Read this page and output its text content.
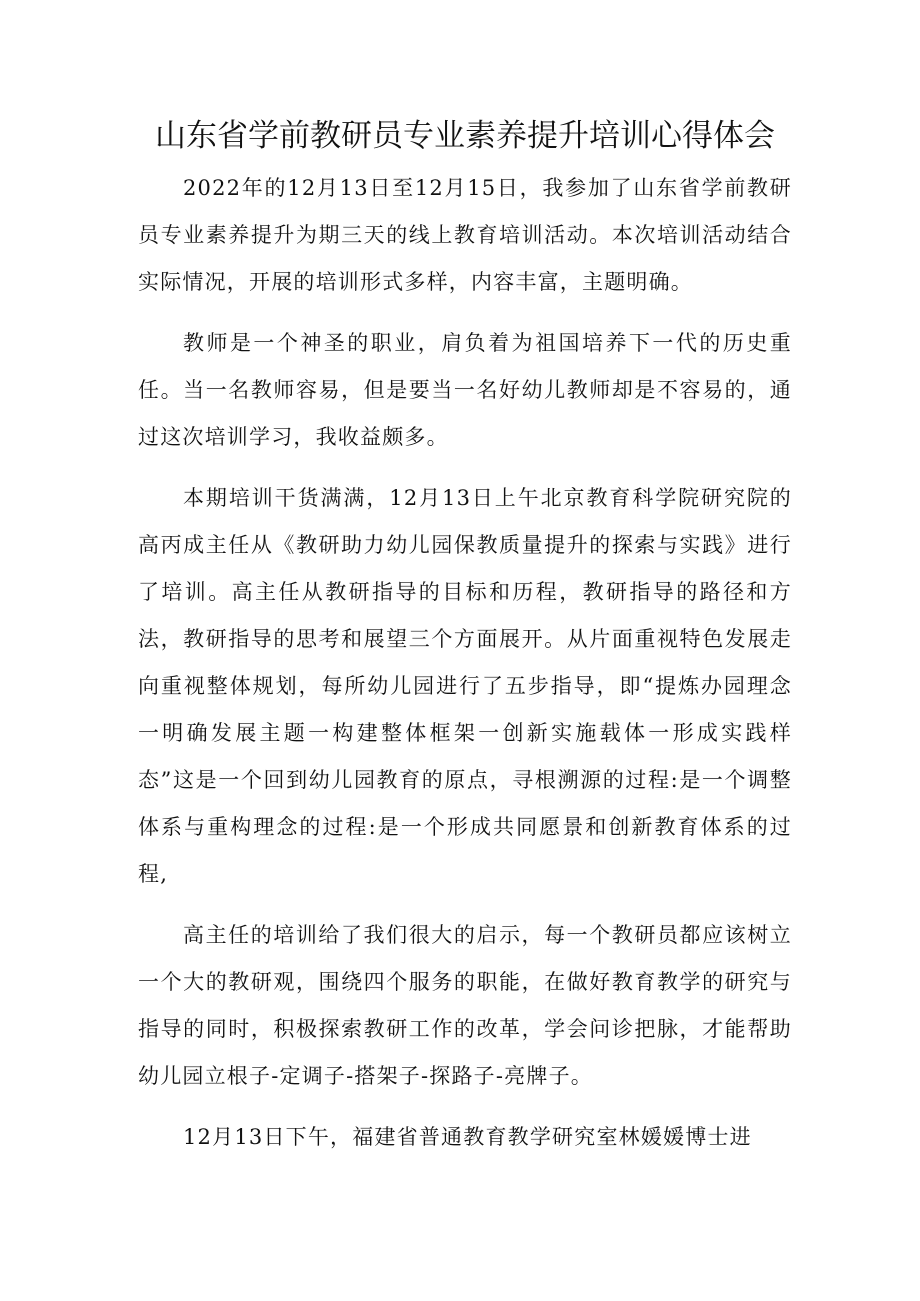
山东省学前教研员专业素养提升培训心得体会

2022年的12月13日至12月15日，我参加了山东省学前教研员专业素养提升为期三天的线上教育培训活动。本次培训活动结合实际情况，开展的培训形式多样，内容丰富，主题明确。

教师是一个神圣的职业，肩负着为祖国培养下一代的历史重任。当一名教师容易，但是要当一名好幼儿教师却是不容易的，通过这次培训学习，我收益颇多。

本期培训干货满满，12月13日上午北京教育科学院研究院的高丙成主任从《教研助力幼儿园保教质量提升的探索与实践》进行了培训。高主任从教研指导的目标和历程，教研指导的路径和方法，教研指导的思考和展望三个方面展开。从片面重视特色发展走向重视整体规划，每所幼儿园进行了五步指导，即“提炼办园理念一明确发展主题一构建整体框架一创新实施载体一形成实践样态”这是一个回到幼儿园教育的原点，寻根溯源的过程:是一个调整体系与重构理念的过程:是一个形成共同愿景和创新教育体系的过程,

高主任的培训给了我们很大的启示，每一个教研员都应该树立一个大的教研观，围绕四个服务的职能，在做好教育教学的研究与指导的同时，积极探索教研工作的改革，学会问诊把脉，才能帮助幼儿园立根子-定调子-搭架子-探路子-亮牌子。

12月13日下午，福建省普通教育教学研究室林媛媛博士进
